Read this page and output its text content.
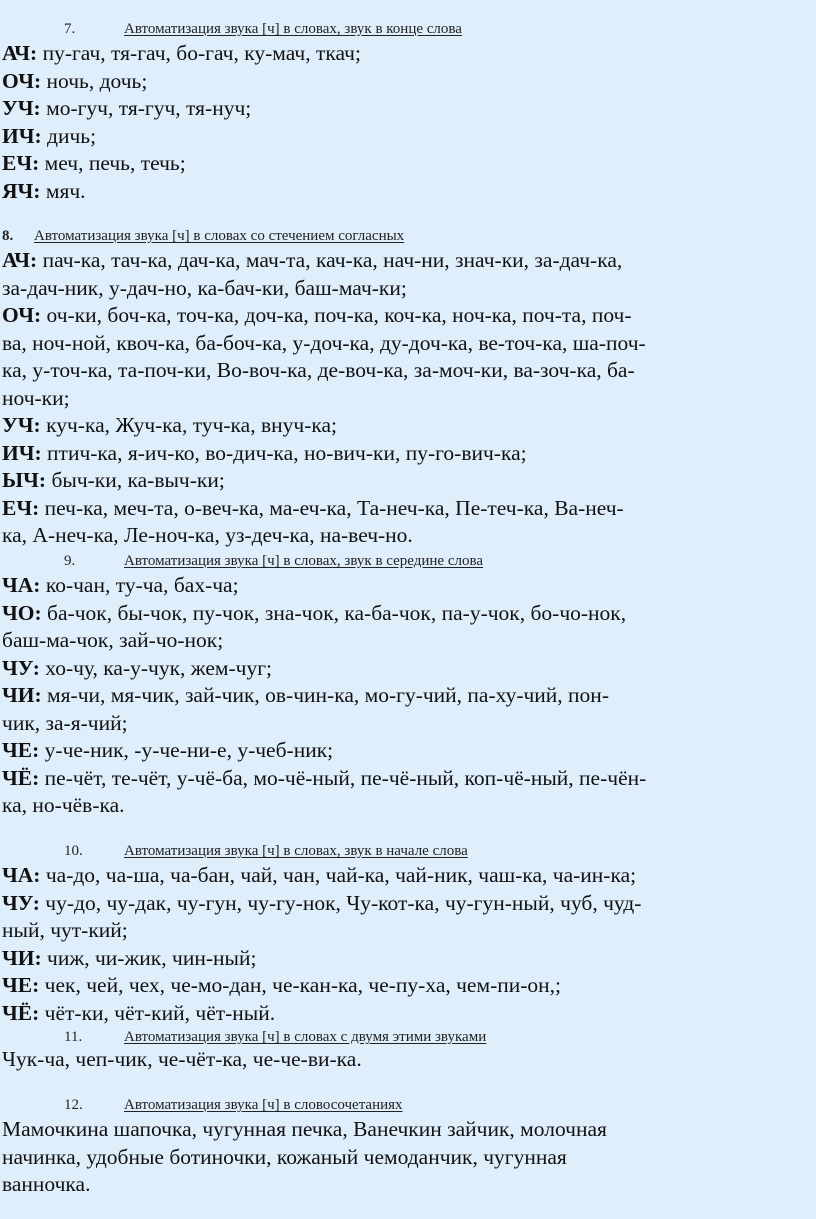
7.	Автоматизация звука [ч] в словах, звук в конце слова
АЧ: пу-гач, тя-гач, бо-гач, ку-мач, ткач;
ОЧ: ночь, дочь;
УЧ: мо-гуч, тя-гуч, тя-нуч;
ИЧ: дичь;
ЕЧ: меч, печь, течь;
ЯЧ: мяч.
8. Автоматизация звука [ч] в словах со стечением согласных
АЧ: пач-ка, тач-ка, дач-ка, мач-та, кач-ка, нач-ни, знач-ки, за-дач-ка,
за-дач-ник, у-дач-но, ка-бач-ки, баш-мач-ки;
ОЧ: оч-ки, боч-ка, точ-ка, доч-ка, поч-ка, коч-ка, ноч-ка, поч-та, поч-
ва, ноч-ной, квоч-ка, ба-боч-ка, у-доч-ка, ду-доч-ка, ве-точ-ка, ша-поч-
ка, у-точ-ка, та-поч-ки, Во-воч-ка, де-воч-ка, за-моч-ки, ва-зоч-ка, ба-
ноч-ки;
УЧ: куч-ка, Жуч-ка, туч-ка, внуч-ка;
ИЧ: птич-ка, я-ич-ко, во-дич-ка, но-вич-ки, пу-го-вич-ка;
ЫЧ: быч-ки, ка-выч-ки;
ЕЧ: печ-ка, меч-та, о-веч-ка, ма-еч-ка, Та-неч-ка, Пе-теч-ка, Ва-неч-
ка, А-неч-ка, Ле-ноч-ка, уз-деч-ка, на-веч-но.
9.	Автоматизация звука [ч] в словах, звук в середине слова
ЧА: ко-чан, ту-ча, бах-ча;
ЧО: ба-чок, бы-чок, пу-чок, зна-чок, ка-ба-чок, па-у-чок, бо-чо-нок,
баш-ма-чок, зай-чо-нок;
ЧУ: хо-чу, ка-у-чук, жем-чуг;
ЧИ: мя-чи, мя-чик, зай-чик, ов-чин-ка, мо-гу-чий, па-ху-чий, пон-
чик, за-я-чий;
ЧЕ: у-че-ник, -у-че-ни-е, у-чеб-ник;
ЧЁ: пе-чёт, те-чёт, у-чё-ба, мо-чё-ный, пе-чё-ный, коп-чё-ный, пе-чён-
ка, но-чёв-ка.
10.	Автоматизация звука [ч] в словах, звук в начале слова
ЧА: ча-до, ча-ша, ча-бан, чай, чан, чай-ка, чай-ник, чаш-ка, ча-ин-ка;
ЧУ: чу-до, чу-дак, чу-гун, чу-гу-нок, Чу-кот-ка, чу-гун-ный, чуб, чуд-
ный, чут-кий;
ЧИ: чиж, чи-жик, чин-ный;
ЧЕ: чек, чей, чех, че-мо-дан, че-кан-ка, че-пу-ха, чем-пи-он,;
ЧЁ: чёт-ки, чёт-кий, чёт-ный.
11.	Автоматизация звука [ч] в словах с двумя этими звуками
Чук-ча, чеп-чик, че-чёт-ка, че-че-ви-ка.
12.	Автоматизация звука [ч] в словосочетаниях
Мамочкина шапочка, чугунная печка, Ванечкин зайчик, молочная
начинка, удобные ботиночки, кожаный чемоданчик, чугунная
ванночка.
